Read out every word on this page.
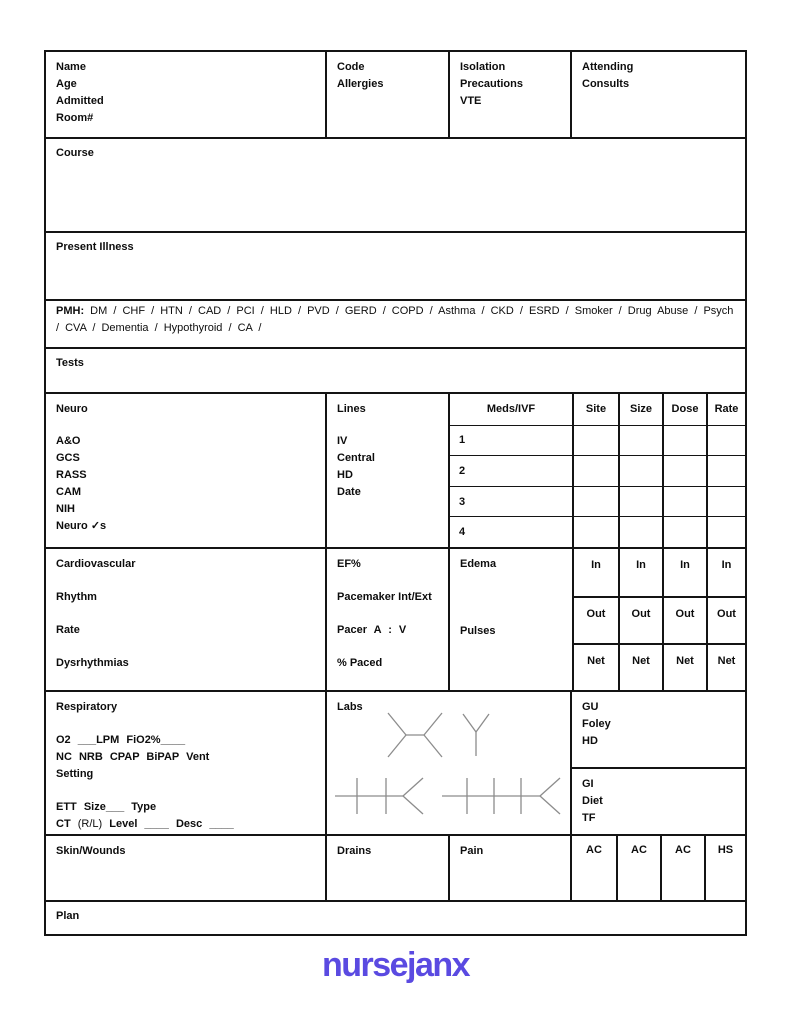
Name
Age
Admitted
Room#
Code
Allergies
Isolation
Precautions
VTE
Attending
Consults
Course
Present Illness
PMH: DM / CHF / HTN / CAD / PCI / HLD / PVD / GERD / COPD / Asthma / CKD / ESRD / Smoker / Drug Abuse / Psych / CVA / Dementia / Hypothyroid / CA /
Tests
Neuro
A&O
GCS
RASS
CAM
NIH
Neuro ✓s
Lines
IV
Central
HD
Date
Meds/IVF	Site	Size	Dose	Rate
1
2
3
4
Cardiovascular
Rhythm
Rate
Dysrhythmias
EF%
Pacemaker Int/Ext
Pacer A : V
% Paced
Edema
Pulses
In	In	In	In
Out	Out	Out	Out
Net	Net	Net	Net
Respiratory
O2 ___LPM FiO2%____
NC NRB CPAP BiPAP Vent
Setting
ETT Size___ Type
CT (R/L) Level ____ Desc ____
Labs	GU
Foley
HD
GI
Diet
TF
Skin/Wounds	Drains	Pain	AC	AC	AC	HS
Plan
nursejanx
